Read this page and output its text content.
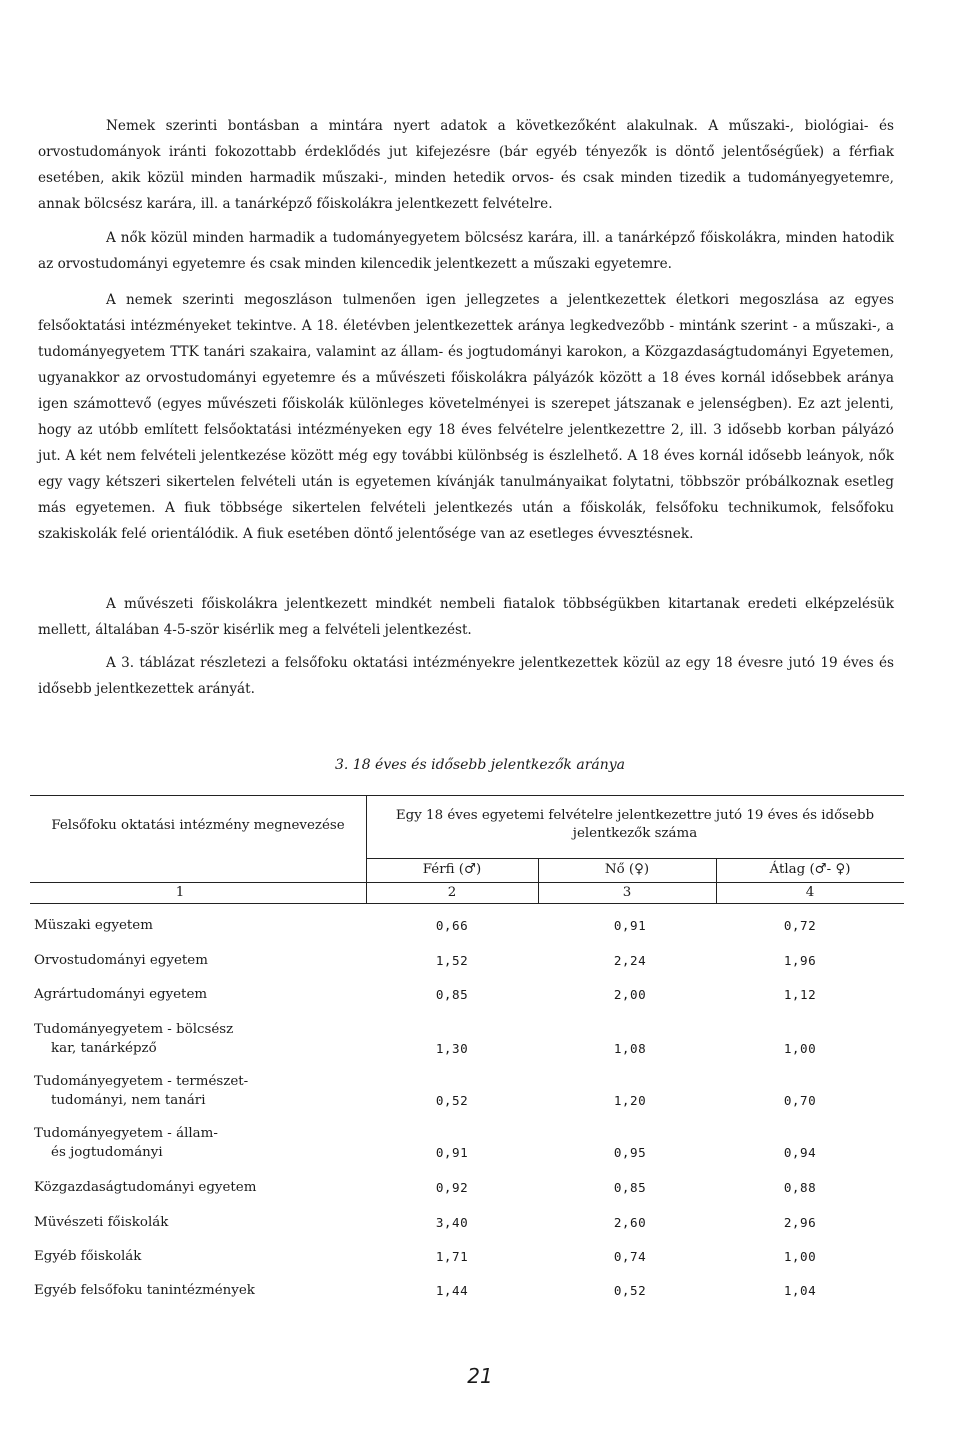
Nemek szerinti bontásban a mintára nyert adatok a következőként alakulnak. A műszaki-, biológiai- és orvostudományok iránti fokozottabb érdeklődés jut kifejezésre (bár egyéb tényezők is döntő jelentőségűek) a férfiak esetében, akik közül minden harmadik műszaki-, minden hetedik orvos- és csak minden tizedik a tudományegyetemre, annak bölcsész karára, ill. a tanárképző főiskolákra jelentkezett felvételre.

A nők közül minden harmadik a tudományegyetem bölcsész karára, ill. a tanárképző főiskolákra, minden hatodik az orvostudományi egyetemre és csak minden kilencedik jelentkezett a műszaki egyetemre.

A nemek szerinti megoszláson tulmenően igen jellegzetes a jelentkezettek életkori megoszlása az egyes felsőoktatási intézményeket tekintve. A 18. életévben jelentkezettek aránya legkedvezőbb - mintánk szerint - a műszaki-, a tudományegyetem TTK tanári szakaira, valamint az állam- és jogtudományi karokon, a Közgazdaságtudományi Egyetemen, ugyanakkor az orvostudományi egyetemre és a művészeti főiskolákra pályázók között a 18 éves kornál idősebbek aránya igen számottevő (egyes művészeti főiskolák különleges követelményei is szerepet játszanak e jelenségben). Ez azt jelenti, hogy az utóbb említett felsőoktatási intézményeken egy 18 éves felvételre jelentkezettre 2, ill. 3 idősebb korban pályázó jut. A két nem felvételi jelentkezése között még egy további különbség is észlelhető. A 18 éves kornál idősebb leányok, nők egy vagy kétszeri sikertelen felvételi után is egyetemen kívánják tanulmányaikat folytatni, többször próbálkoznak esetleg más egyetemen. A fiuk többsége sikertelen felvételi jelentkezés után a főiskolák, felsőfoku technikumok, felsőfoku szakiskolák felé orientálódik. A fiuk esetében döntő jelentősége van az esetleges évvesztésnek.

A művészeti főiskolákra jelentkezett mindkét nembeli fiatalok többségükben kitartanak eredeti elképzelésük mellett, általában 4-5-ször kisérlik meg a felvételi jelentkezést.

A 3. táblázat részletezi a felsőfoku oktatási intézményekre jelentkezettek közül az egy 18 évesre jutó 19 éves és idősebb jelentkezettek arányát.

3. 18 éves és idősebb jelentkezők aránya
Felsőfoku oktatási intézmény megnevezése
Egy 18 éves egyetemi felvételre jelentkezettre jutó 19 éves és idősebb jelentkezők száma
Férfi (♂)	Nő (♀)	Átlag (♂- ♀)
1	2	3	4
Müszaki egyetem	0,66	0,91	0,72
Orvostudományi egyetem	1,52	2,24	1,96
Agrártudományi egyetem	0,85	2,00	1,12
Tudományegyetem - bölcsész
kar, tanárképző	1,30	1,08	1,00
Tudományegyetem - természet-
tudományi, nem tanári	0,52	1,20	0,70
Tudományegyetem - állam-
és jogtudományi	0,91	0,95	0,94
Közgazdaságtudományi egyetem	0,92	0,85	0,88
Müvészeti főiskolák	3,40	2,60	2,96
Egyéb főiskolák	1,71	0,74	1,00
Egyéb felsőfoku tanintézmények	1,44	0,52	1,04
21
